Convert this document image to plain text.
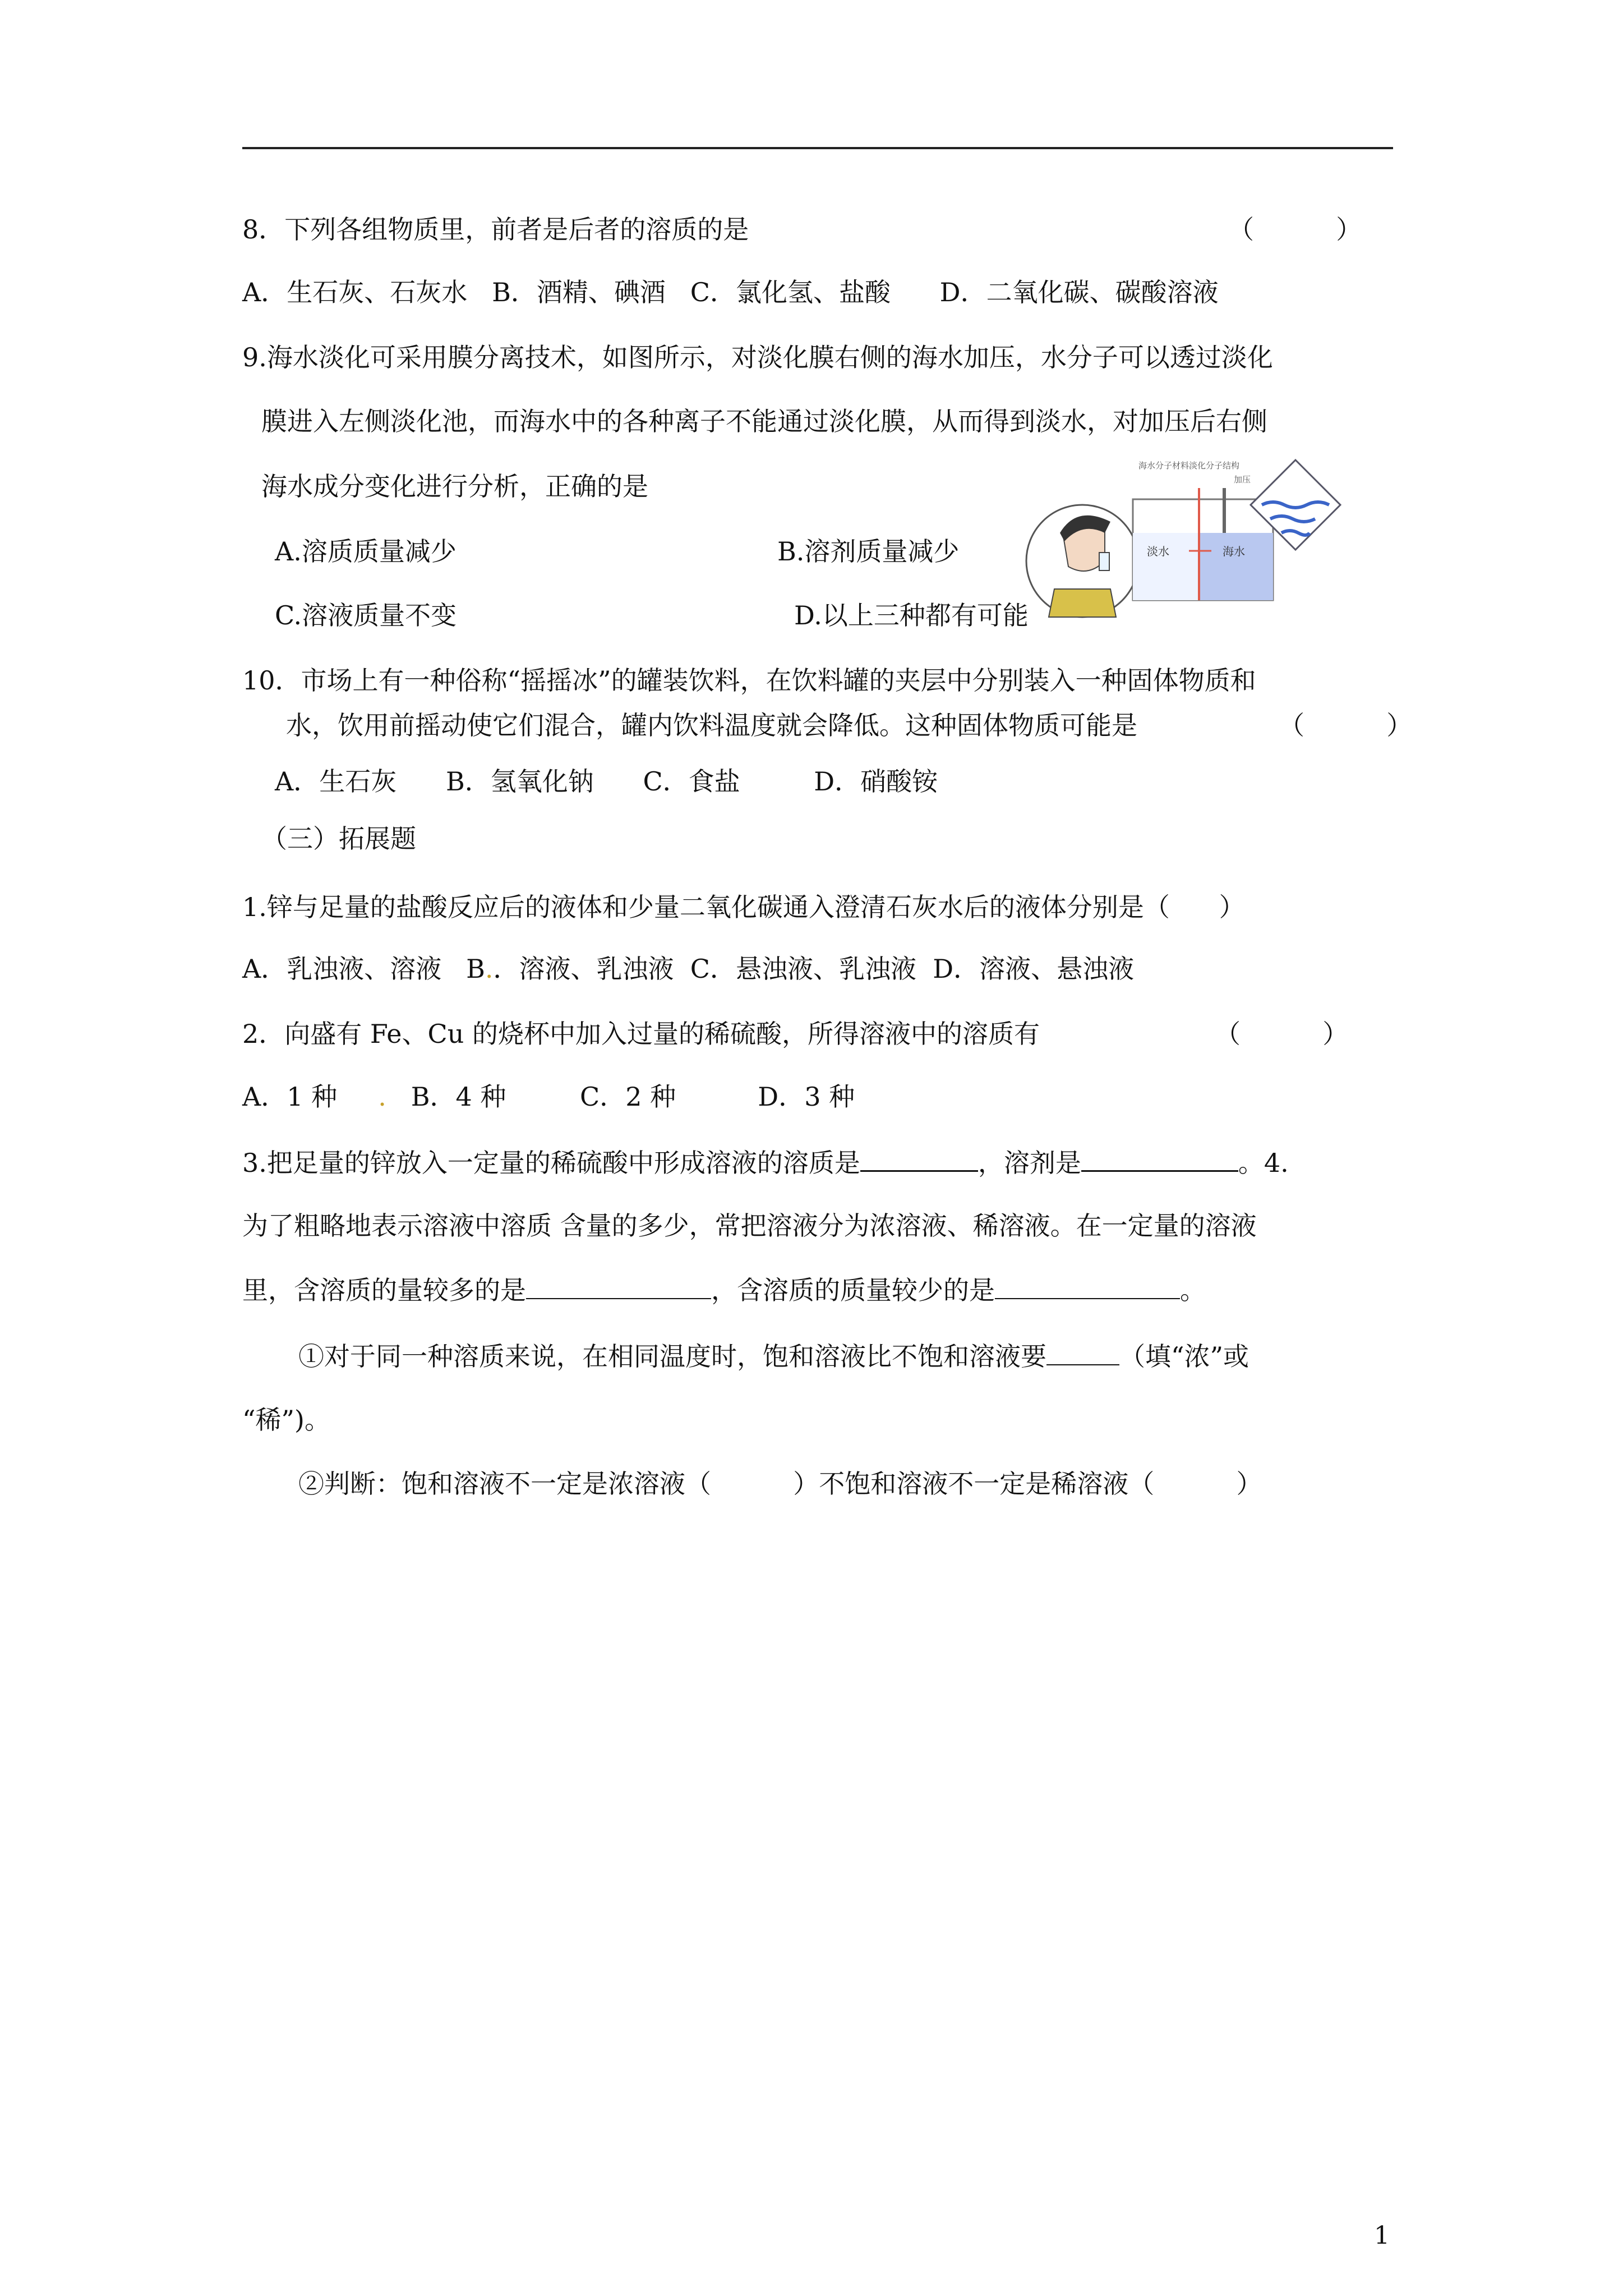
8．下列各组物质里，前者是后者的溶质的是	（          ）
A．生石灰、石灰水   B．酒精、碘酒   C．氯化氢、盐酸      D．二氧化碳、碳酸溶液
9.海水淡化可采用膜分离技术，如图所示，对淡化膜右侧的海水加压，水分子可以透过淡化
膜进入左侧淡化池，而海水中的各种离子不能通过淡化膜，从而得到淡水，对加压后右侧
海水成分变化进行分析，正确的是
A.溶质质量减少	B.溶剂质量减少
C.溶液质量不变	D.以上三种都有可能
淡水	海水
海水分子材料淡化分子结构
加压
10．市场上有一种俗称“摇摇冰”的罐装饮料，在饮料罐的夹层中分别装入一种固体物质和
水，饮用前摇动使它们混合，罐内饮料温度就会降低。这种固体物质可能是	（          ）
A．生石灰      B．氢氧化钠      C．食盐         D．硝酸铵
（三）拓展题
1.锌与足量的盐酸反应后的液体和少量二氧化碳通入澄清石灰水后的液体分别是（      ）
A．乳浊液、溶液   B.．溶液、乳浊液  C．悬浊液、乳浊液  D．溶液、悬浊液
2．向盛有 Fe、Cu 的烧杯中加入过量的稀硫酸，所得溶液中的溶质有	（          ）
A．1 种     .   B．4 种         C．2 种          D．3 种
3.把足量的锌放入一定量的稀硫酸中形成溶液的溶质是	，溶剂是	。4.
为了粗略地表示溶液中溶质 含量的多少，常把溶液分为浓溶液、稀溶液。在一定量的溶液
里，含溶质的量较多的是	，含溶质的质量较少的是	。
①对于同一种溶质来说，在相同温度时，饱和溶液比不饱和溶液要	（填“浓”或
“稀”)。
②判断：饱和溶液不一定是浓溶液（          ）不饱和溶液不一定是稀溶液（          ）
1
